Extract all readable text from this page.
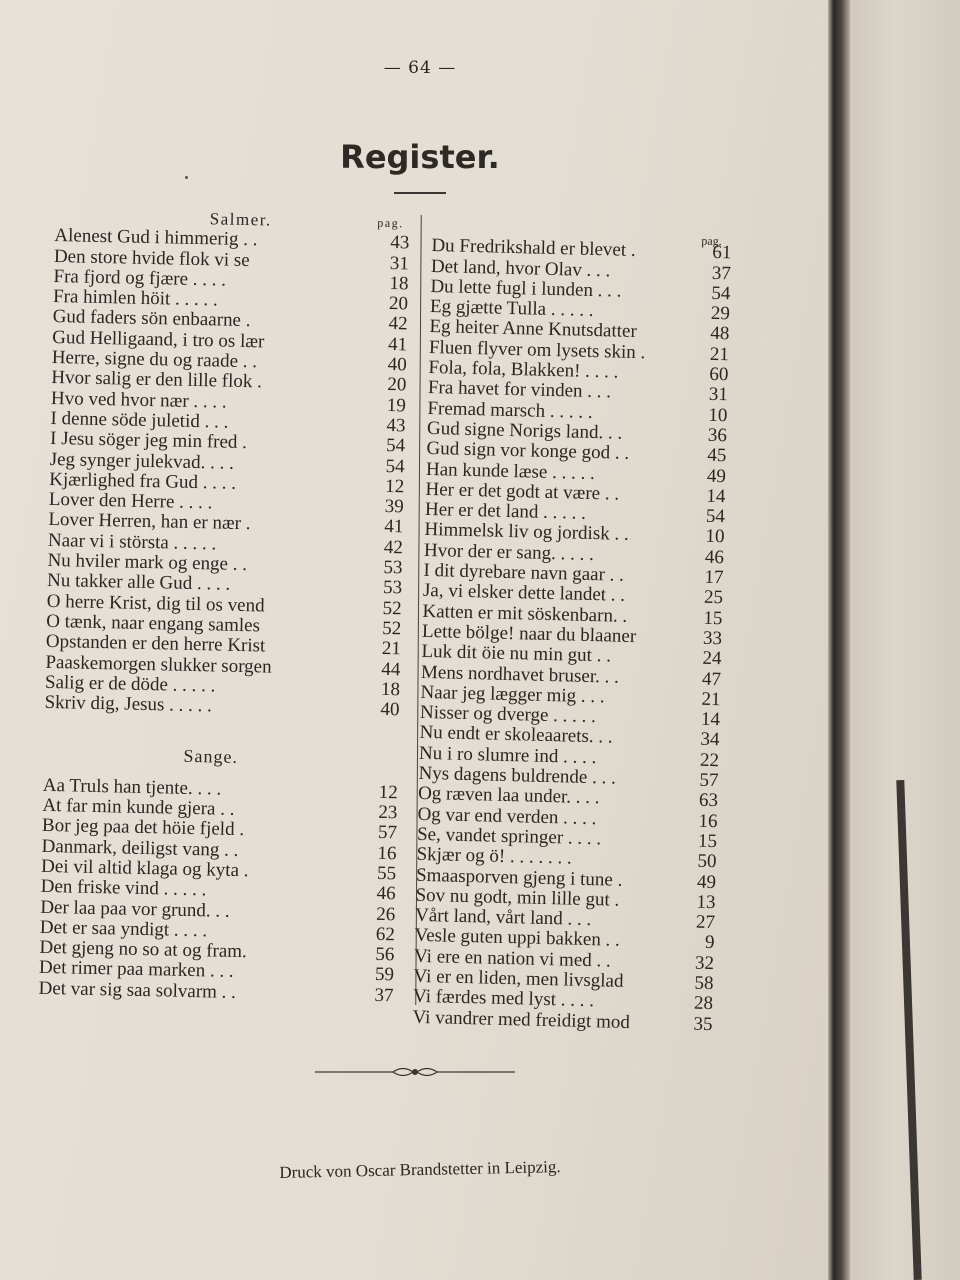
— 64 —
Register.
Salmer.	pag.
Alenest Gud i himmerig . .	43
Den store hvide flok vi se	31
Fra fjord og fjære . . . .	18
Fra himlen höit . . . . .	20
Gud faders sön enbaarne .	42
Gud Helligaand, i tro os lær	41
Herre, signe du og raade . .	40
Hvor salig er den lille flok .	20
Hvo ved hvor nær . . . .	19
I denne söde juletid . . .	43
I Jesu söger jeg min fred .	54
Jeg synger julekvad. . . .	54
Kjærlighed fra Gud . . . .	12
Lover den Herre . . . .	39
Lover Herren, han er nær .	41
Naar vi i största . . . . .	42
Nu hviler mark og enge . .	53
Nu takker alle Gud . . . .	53
O herre Krist, dig til os vend	52
O tænk, naar engang samles	52
Opstanden er den herre Krist	21
Paaskemorgen slukker sorgen	44
Salig er de döde . . . . .	18
Skriv dig, Jesus . . . . .	40
Sange.
Aa Truls han tjente. . . .	12
At far min kunde gjera . .	23
Bor jeg paa det höie fjeld .	57
Danmark, deiligst vang . .	16
Dei vil altid klaga og kyta .	55
Den friske vind . . . . .	46
Der laa paa vor grund. . .	26
Det er saa yndigt . . . .	62
Det gjeng no so at og fram.	56
Det rimer paa marken . . .	59
Det var sig saa solvarm . .	37
pag.
Du Fredrikshald er blevet .	61
Det land, hvor Olav . . .	37
Du lette fugl i lunden . . .	54
Eg gjætte Tulla . . . . .	29
Eg heiter Anne Knutsdatter	48
Fluen flyver om lysets skin .	21
Fola, fola, Blakken! . . . .	60
Fra havet for vinden . . .	31
Fremad marsch . . . . .	10
Gud signe Norigs land. . .	36
Gud sign vor konge god . .	45
Han kunde læse . . . . .	49
Her er det godt at være . .	14
Her er det land . . . . .	54
Himmelsk liv og jordisk . .	10
Hvor der er sang. . . . .	46
I dit dyrebare navn gaar . .	17
Ja, vi elsker dette landet . .	25
Katten er mit söskenbarn. .	15
Lette bölge! naar du blaaner	33
Luk dit öie nu min gut . .	24
Mens nordhavet bruser. . .	47
Naar jeg lægger mig . . .	21
Nisser og dverge . . . . .	14
Nu endt er skoleaarets. . .	34
Nu i ro slumre ind . . . .	22
Nys dagens buldrende . . .	57
Og ræven laa under. . . .	63
Og var end verden . . . .	16
Se, vandet springer . . . .	15
Skjær og ö! . . . . . . .	50
Smaasporven gjeng i tune .	49
Sov nu godt, min lille gut .	13
Vårt land, vårt land . . .	27
Vesle guten uppi bakken . .	9
Vi ere en nation vi med . .	32
Vi er en liden, men livsglad	58
Vi færdes med lyst . . . .	28
Vi vandrer med freidigt mod	35
Druck von Oscar Brandstetter in Leipzig.
